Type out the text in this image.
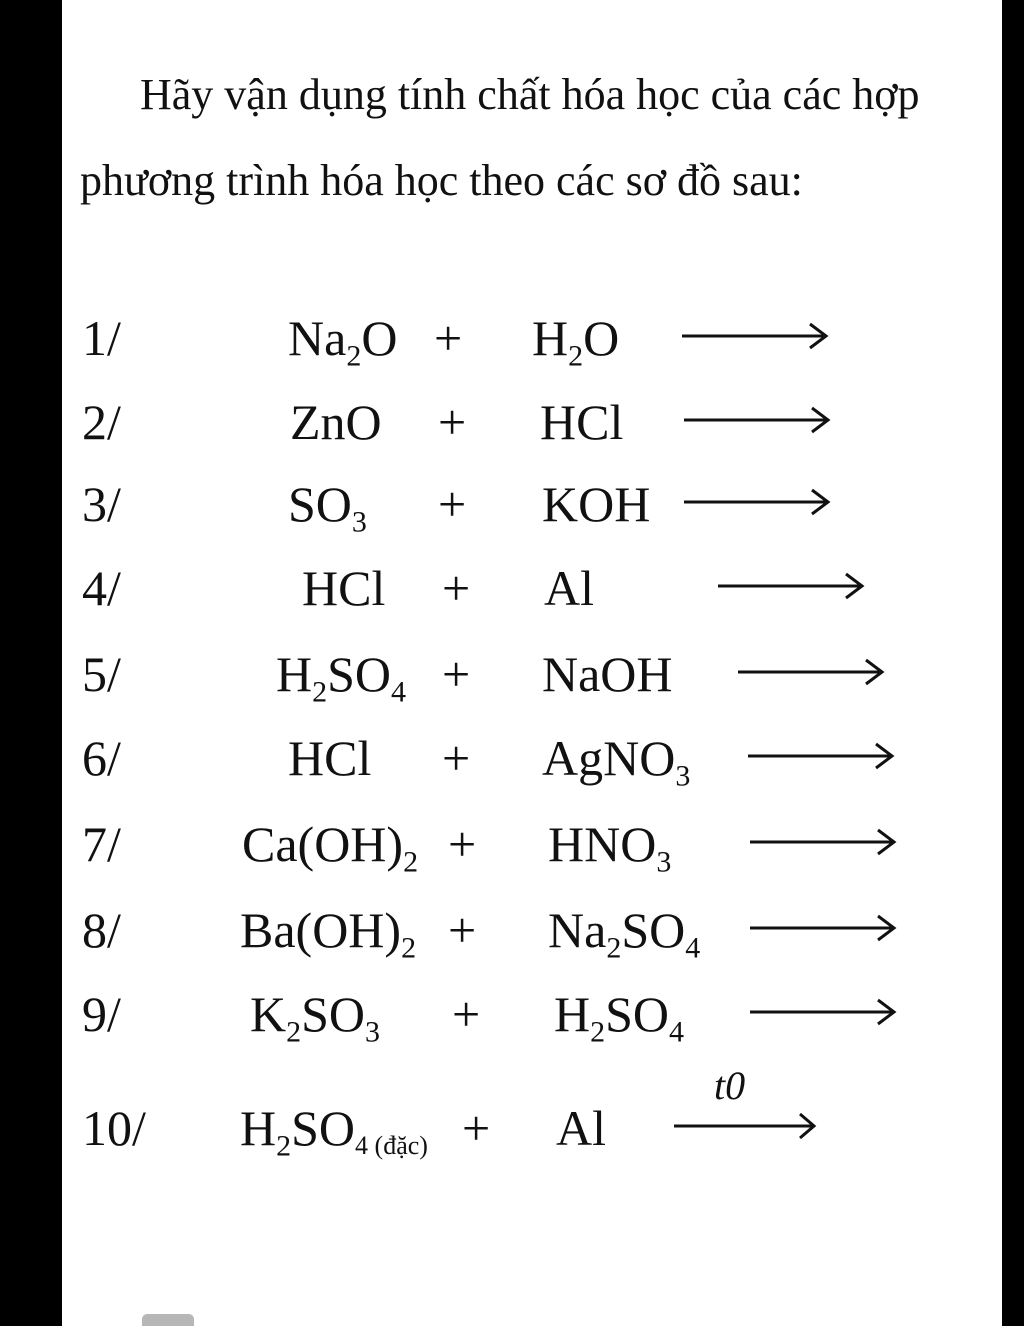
Hãy vận dụng tính chất hóa học của các hợp
phương trình hóa học theo các sơ đồ sau:
1/	$Na_2O + H_2O$ →
2/	ZnO + HCl →
3/	$SO_3$ + KOH →
4/	HCl + Al
5/	$H_2SO_4$ + NaOH →
6/	HCl + AgNO$_3$
7/ $Ca(OH)_2 + HNO_3$
8/ $Ba(OH)_2 + Na_2SO_4$
9/	$K_2SO_3 + H_2SO_4$
10/ $H_2SO_{4 (đặc)} + Al$
t0
